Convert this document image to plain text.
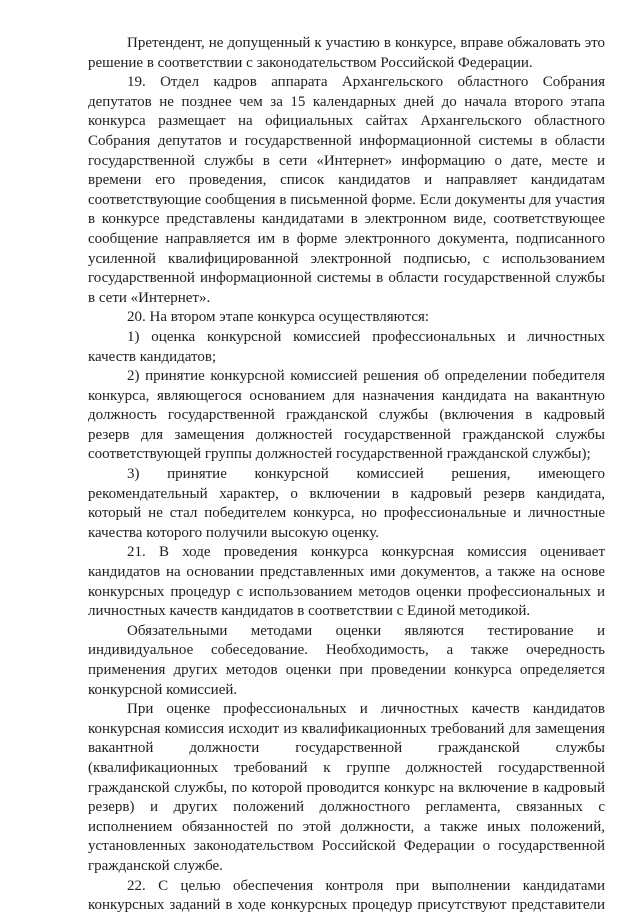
Претендент, не допущенный к участию в конкурсе, вправе обжаловать это решение в соответствии с законодательством Российской Федерации.

19. Отдел кадров аппарата Архангельского областного Собрания депутатов не позднее чем за 15 календарных дней до начала второго этапа конкурса размещает на официальных сайтах Архангельского областного Собрания депутатов и государственной информационной системы в области государственной службы в сети «Интернет» информацию о дате, месте и времени его проведения, список кандидатов и направляет кандидатам соответствующие сообщения в письменной форме. Если документы для участия в конкурсе представлены кандидатами в электронном виде, соответствующее сообщение направляется им в форме электронного документа, подписанного усиленной квалифицированной электронной подписью, с использованием государственной информационной системы в области государственной службы в сети «Интернет».

20. На втором этапе конкурса осуществляются:

1) оценка конкурсной комиссией профессиональных и личностных качеств кандидатов;

2) принятие конкурсной комиссией решения об определении победителя конкурса, являющегося основанием для назначения кандидата на вакантную должность государственной гражданской службы (включения в кадровый резерв для замещения должностей государственной гражданской службы соответствующей группы должностей государственной гражданской службы);

3) принятие конкурсной комиссией решения, имеющего рекомендательный характер, о включении в кадровый резерв кандидата, который не стал победителем конкурса, но профессиональные и личностные качества которого получили высокую оценку.

21. В ходе проведения конкурса конкурсная комиссия оценивает кандидатов на основании представленных ими документов, а также на основе конкурсных процедур с использованием методов оценки профессиональных и личностных качеств кандидатов в соответствии с Единой методикой.

Обязательными методами оценки являются тестирование и индивидуальное собеседование. Необходимость, а также очередность применения других методов оценки при проведении конкурса определяется конкурсной комиссией.

При оценке профессиональных и личностных качеств кандидатов конкурсная комиссия исходит из квалификационных требований для замещения вакантной должности государственной гражданской службы (квалификационных требований к группе должностей государственной гражданской службы, по которой проводится конкурс на включение в кадровый резерв) и других положений должностного регламента, связанных с исполнением обязанностей по этой должности, а также иных положений, установленных законодательством Российской Федерации о государственной гражданской службе.

22. С целью обеспечения контроля при выполнении кандидатами конкурсных заданий в ходе конкурсных процедур присутствуют представители
